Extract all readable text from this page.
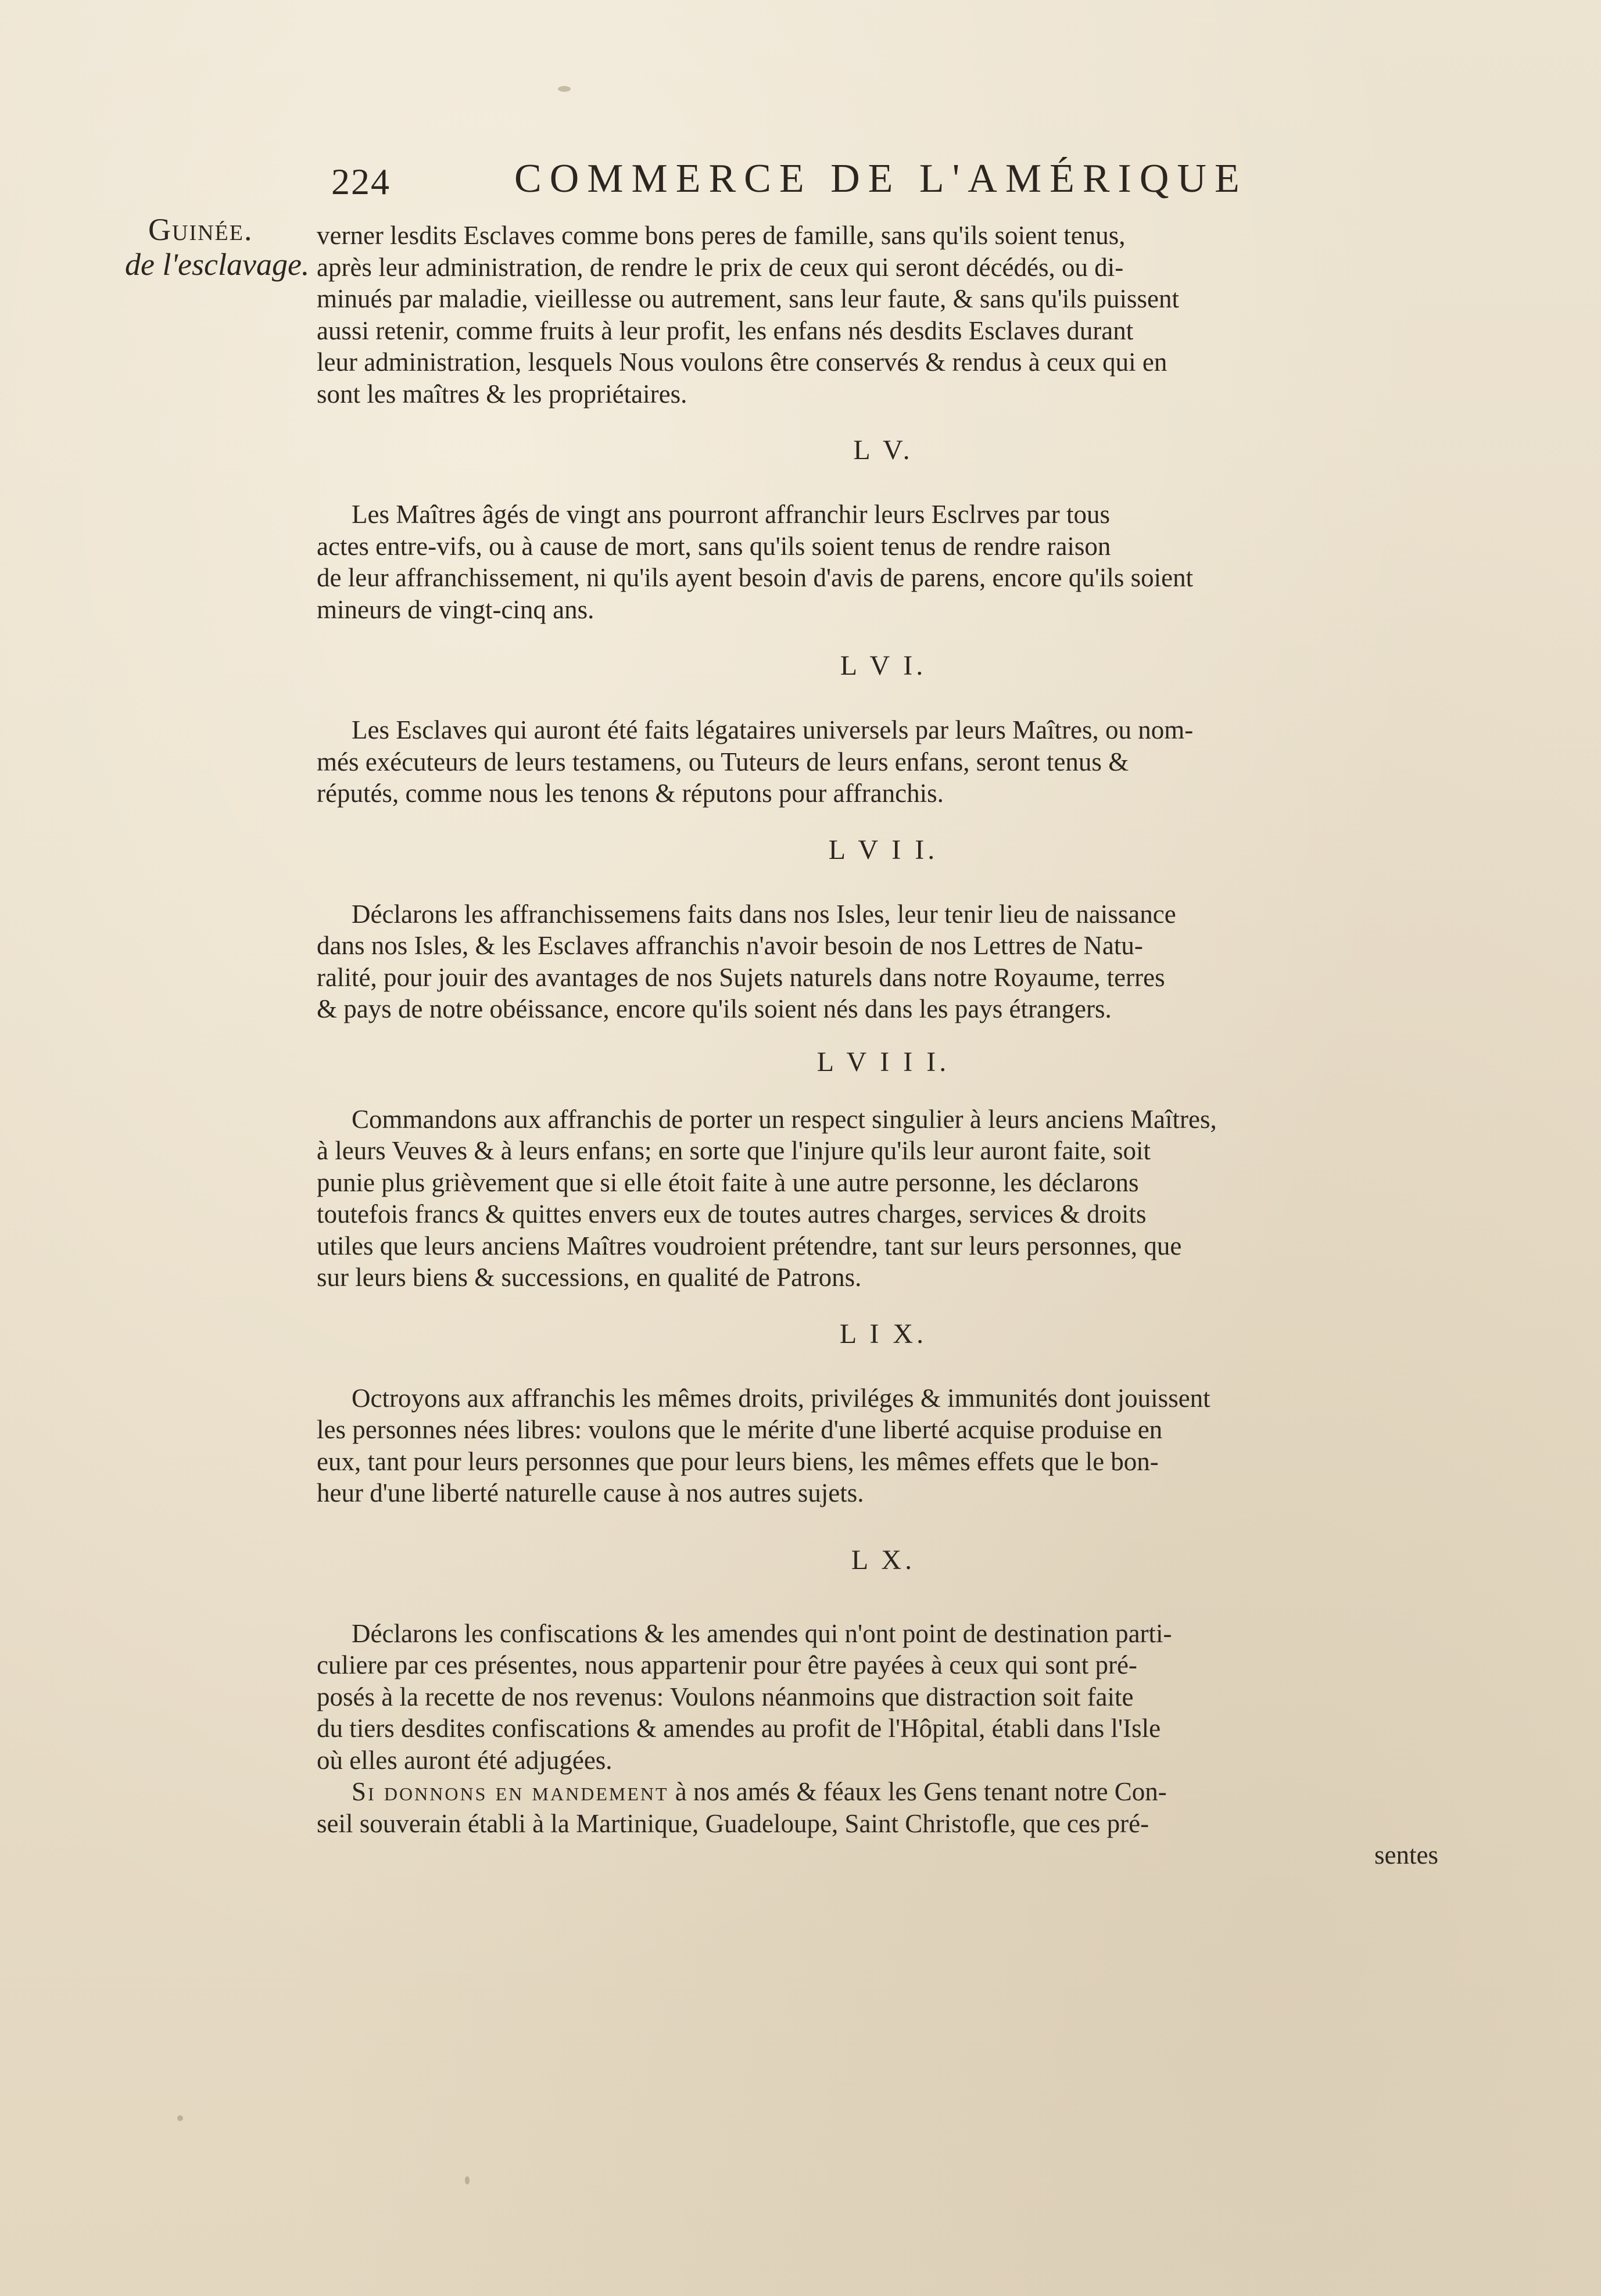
224	COMMERCE DE L'AMÉRIQUE
Guinée.
de l'esclavage.

verner lesdits Esclaves comme bons peres de famille, sans qu'ils soient tenus,
après leur administration, de rendre le prix de ceux qui seront décédés, ou di-
minués par maladie, vieillesse ou autrement, sans leur faute, & sans qu'ils puissent
aussi retenir, comme fruits à leur profit, les enfans nés desdits Esclaves durant
leur administration, lesquels Nous voulons être conservés & rendus à ceux qui en
sont les maîtres & les propriétaires.

L V.

Les Maîtres âgés de vingt ans pourront affranchir leurs Esclrves par tous
actes entre-vifs, ou à cause de mort, sans qu'ils soient tenus de rendre raison
de leur affranchissement, ni qu'ils ayent besoin d'avis de parens, encore qu'ils soient
mineurs de vingt-cinq ans.

L V I.

Les Esclaves qui auront été faits légataires universels par leurs Maîtres, ou nom-
més exécuteurs de leurs testamens, ou Tuteurs de leurs enfans, seront tenus &
réputés, comme nous les tenons & réputons pour affranchis.

L V I I.

Déclarons les affranchissemens faits dans nos Isles, leur tenir lieu de naissance
dans nos Isles, & les Esclaves affranchis n'avoir besoin de nos Lettres de Natu-
ralité, pour jouir des avantages de nos Sujets naturels dans notre Royaume, terres
& pays de notre obéissance, encore qu'ils soient nés dans les pays étrangers.

L V I I I.

Commandons aux affranchis de porter un respect singulier à leurs anciens Maîtres,
à leurs Veuves & à leurs enfans; en sorte que l'injure qu'ils leur auront faite, soit
punie plus grièvement que si elle étoit faite à une autre personne, les déclarons
toutefois francs & quittes envers eux de toutes autres charges, services & droits
utiles que leurs anciens Maîtres voudroient prétendre, tant sur leurs personnes, que
sur leurs biens & successions, en qualité de Patrons.

L I X.

Octroyons aux affranchis les mêmes droits, priviléges & immunités dont jouissent
les personnes nées libres: voulons que le mérite d'une liberté acquise produise en
eux, tant pour leurs personnes que pour leurs biens, les mêmes effets que le bon-
heur d'une liberté naturelle cause à nos autres sujets.

L X.

Déclarons les confiscations & les amendes qui n'ont point de destination parti-
culiere par ces présentes, nous appartenir pour être payées à ceux qui sont pré-
posés à la recette de nos revenus: Voulons néanmoins que distraction soit faite
du tiers desdites confiscations & amendes au profit de l'Hôpital, établi dans l'Isle
où elles auront été adjugées.

Si donnons en mandement à nos amés & féaux les Gens tenant notre Con-
seil souverain établi à la Martinique, Guadeloupe, Saint Christofle, que ces pré-

sentes
